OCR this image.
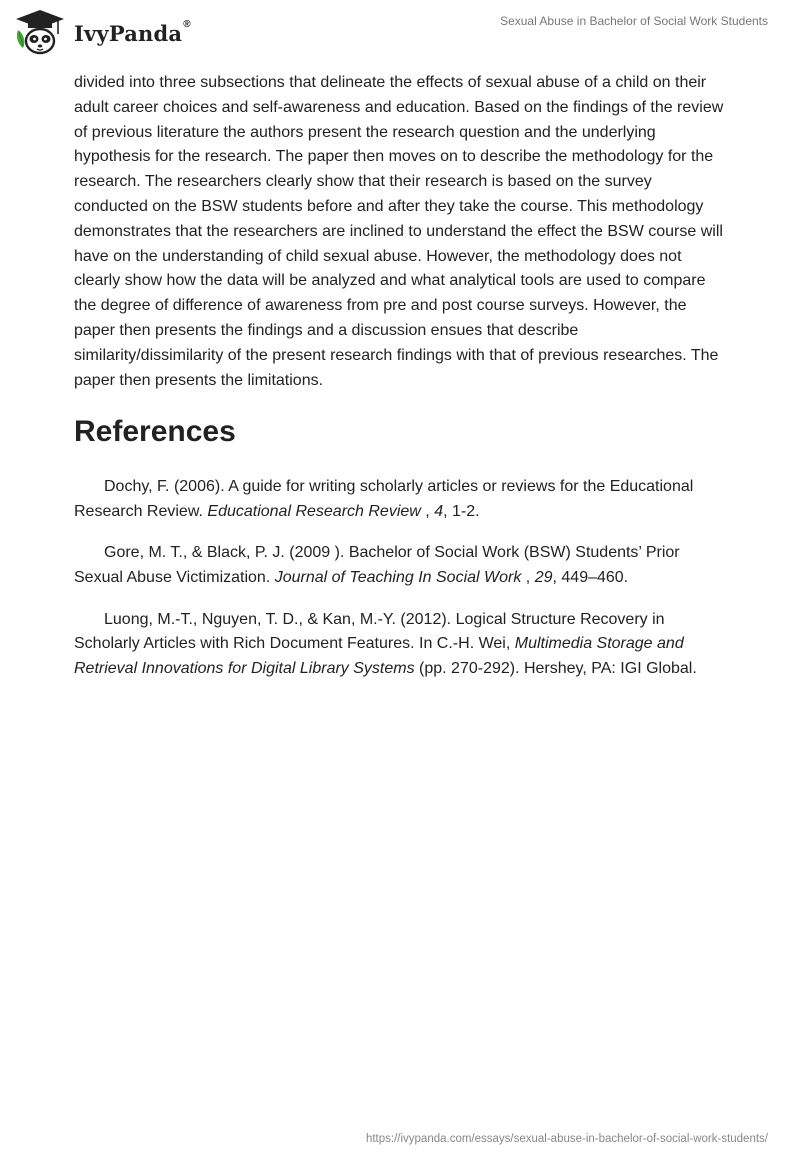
IvyPanda®	Sexual Abuse in Bachelor of Social Work Students

divided into three subsections that delineate the effects of sexual abuse of a child on their adult career choices and self-awareness and education. Based on the findings of the review of previous literature the authors present the research question and the underlying hypothesis for the research. The paper then moves on to describe the methodology for the research. The researchers clearly show that their research is based on the survey conducted on the BSW students before and after they take the course. This methodology demonstrates that the researchers are inclined to understand the effect the BSW course will have on the understanding of child sexual abuse. However, the methodology does not clearly show how the data will be analyzed and what analytical tools are used to compare the degree of difference of awareness from pre and post course surveys. However, the paper then presents the findings and a discussion ensues that describe similarity/dissimilarity of the present research findings with that of previous researches. The paper then presents the limitations.

References

Dochy, F. (2006). A guide for writing scholarly articles or reviews for the Educational Research Review. Educational Research Review , 4, 1-2.

Gore, M. T., & Black, P. J. (2009 ). Bachelor of Social Work (BSW) Students’ Prior Sexual Abuse Victimization. Journal of Teaching In Social Work , 29, 449–460.

Luong, M.-T., Nguyen, T. D., & Kan, M.-Y. (2012). Logical Structure Recovery in Scholarly Articles with Rich Document Features. In C.-H. Wei, Multimedia Storage and Retrieval Innovations for Digital Library Systems (pp. 270-292). Hershey, PA: IGI Global.

https://ivypanda.com/essays/sexual-abuse-in-bachelor-of-social-work-students/
